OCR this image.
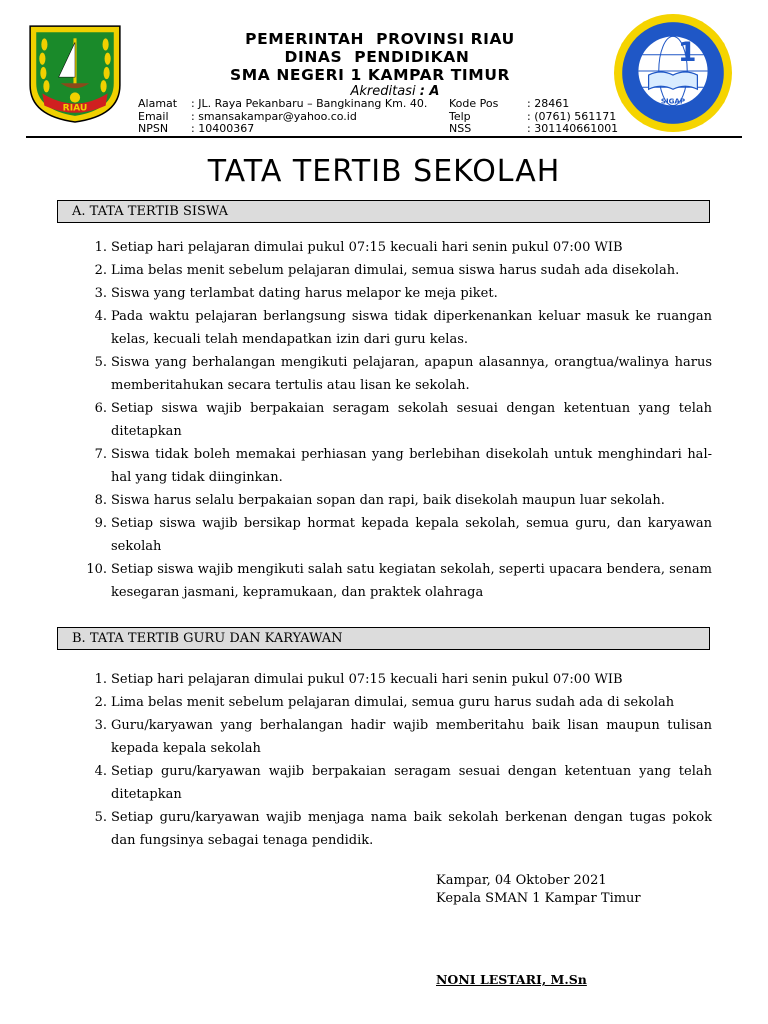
RIAU
1
SIGAP
PEMERINTAH  PROVINSI RIAU
DINAS  PENDIDIKAN
SMA NEGERI 1 KAMPAR TIMUR
Akreditasi : A
Alamat : JL. Raya Pekanbaru – Bangkinang Km. 40. Kode Pos	: 28461
Email : smansakampar@yahoo.co.id	Telp	: (0761) 561171
NPSN : 10400367	NSS	: 301140661001
TATA TERTIB SEKOLAH
A. TATA TERTIB SISWA
1. Setiap hari pelajaran dimulai pukul 07:15 kecuali hari senin pukul 07:00 WIB
2. Lima belas menit sebelum pelajaran dimulai, semua siswa harus sudah ada disekolah.
3. Siswa yang terlambat dating harus melapor ke meja piket.
4. Pada waktu pelajaran berlangsung siswa tidak diperkenankan keluar masuk ke ruangan kelas, kecuali telah mendapatkan izin dari guru kelas.
5. Siswa yang berhalangan mengikuti pelajaran, apapun alasannya, orangtua/walinya harus memberitahukan secara tertulis atau lisan ke sekolah.
6. Setiap siswa wajib berpakaian seragam sekolah sesuai dengan ketentuan yang telah ditetapkan
7. Siswa tidak boleh memakai perhiasan yang berlebihan disekolah untuk menghindari hal-hal yang tidak diinginkan.
8. Siswa harus selalu berpakaian sopan dan rapi, baik disekolah maupun luar sekolah.
9. Setiap siswa wajib bersikap hormat kepada kepala sekolah, semua guru, dan karyawan sekolah
10. Setiap siswa wajib mengikuti salah satu kegiatan sekolah, seperti upacara bendera, senam kesegaran jasmani, kepramukaan, dan praktek olahraga
B. TATA TERTIB GURU DAN KARYAWAN
1. Setiap hari pelajaran dimulai pukul 07:15 kecuali hari senin pukul 07:00 WIB
2. Lima belas menit sebelum pelajaran dimulai, semua guru harus sudah ada di sekolah
3. Guru/karyawan yang berhalangan hadir wajib memberitahu baik lisan maupun tulisan kepada kepala sekolah
4. Setiap guru/karyawan wajib berpakaian seragam sesuai dengan ketentuan yang telah ditetapkan
5. Setiap guru/karyawan wajib menjaga nama baik sekolah berkenan dengan tugas pokok dan fungsinya sebagai tenaga pendidik.
Kampar, 04 Oktober 2021
Kepala SMAN 1 Kampar Timur
NONI LESTARI, M.Sn
